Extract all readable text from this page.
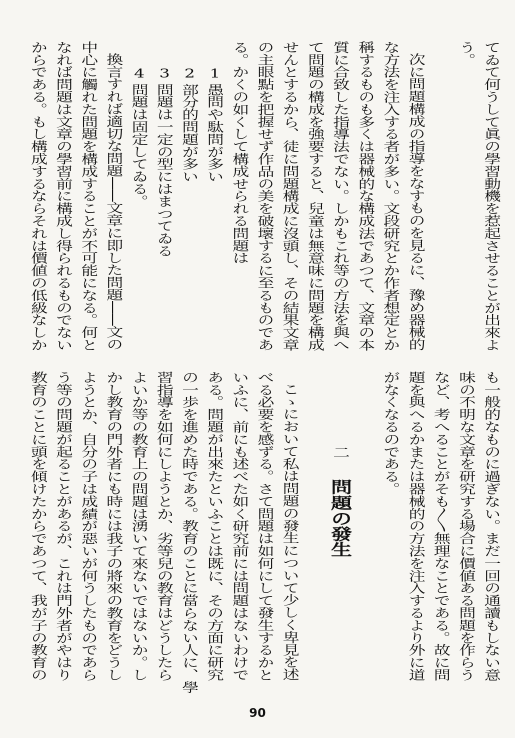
てゐて何うして眞の學習動機を惹起させることが出來よ
う。
次に問題構成の指導をなすものを見るに、豫め器械的
な方法を注入する者が多い。文段研究とか作者想定とか
稱するものも多くは器械的な構成法であつて、文章の本
質に合致した指導法でない。しかもこれ等の方法を與へ
て問題の構成を強要すると、兒童は無意味に問題を構成
せんとするから、徒に問題構成に沒頭し、その結果文章
の主眼點を把握せず作品の美を破壞するに至るものであ
る。かくの如くして構成せられる問題は
1愚問や駄問が多い
2部分的問題が多い
3問題は一定の型にはまつてゐる
4問題は固定してゐる。
換言すれば適切な問題――文章に即した問題――文の
中心に觸れた問題を構成することが不可能になる。何と
なれば問題は文章の學習前に構成し得られるものでない
からである。もし構成するならそれは價値の低級なしか
も一般的なものに過ぎない。まだ一回の通讀もしない意
味の不明な文章を研究する場合に價値ある問題を作らう
など、考へることがそも〳〵無理なことである。故に問
題を與へるかまたは器械的の方法を注入するより外に道
がなくなるのである。
二問題の發生
こゝにおいて私は問題の發生について少しく卑見を述
べる必要を感ずる。さて問題は如何にして發生するかと
いふに、前にも述べた如く研究前には問題はないわけで
ある。問題が出來たといふことは既に、その方面に研究
の一歩を進めた時である。教育のことに當らない人に、學
習指導を如何にしようとか、劣等兒の教育はどうしたら
よいか等の教育上の問題は湧いて來ないではないか。し
かし教育の門外者にも時には我子の將來の教育をどうし
ようとか、自分の子は成績が惡いが何うしたものであら
う等の問題が起ることがあるが、これは門外者がやはり
教育のことに頭を傾けたからであつて、我が子の教育の
90
